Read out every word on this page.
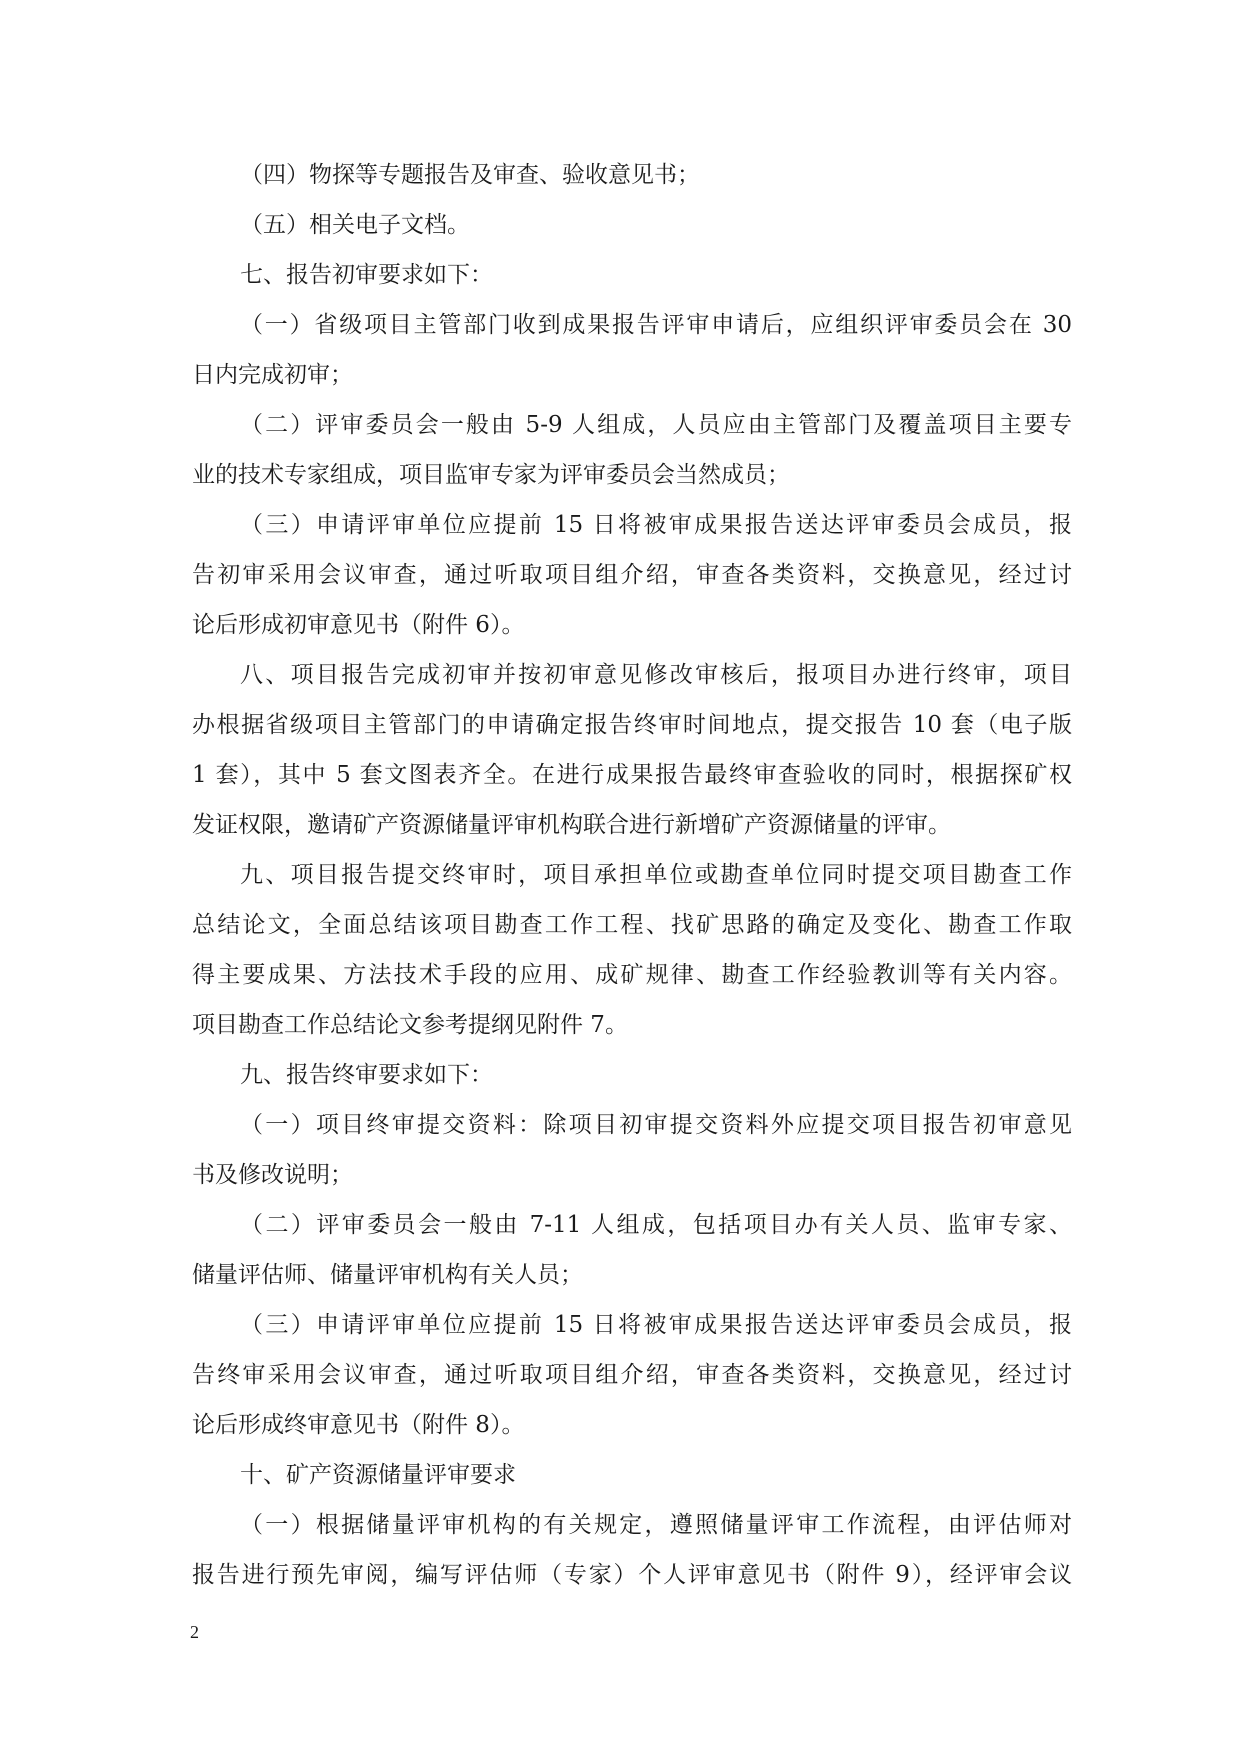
（四）物探等专题报告及审查、验收意见书；
（五）相关电子文档。
七、报告初审要求如下：
（一）省级项目主管部门收到成果报告评审申请后，应组织评审委员会在 30
日内完成初审；
（二）评审委员会一般由 5-9 人组成，人员应由主管部门及覆盖项目主要专
业的技术专家组成，项目监审专家为评审委员会当然成员；
（三）申请评审单位应提前 15 日将被审成果报告送达评审委员会成员，报
告初审采用会议审查，通过听取项目组介绍，审查各类资料，交换意见，经过讨
论后形成初审意见书（附件 6）。
八、项目报告完成初审并按初审意见修改审核后，报项目办进行终审，项目
办根据省级项目主管部门的申请确定报告终审时间地点，提交报告 10 套（电子版
1 套），其中 5 套文图表齐全。在进行成果报告最终审查验收的同时，根据探矿权
发证权限，邀请矿产资源储量评审机构联合进行新增矿产资源储量的评审。
九、项目报告提交终审时，项目承担单位或勘查单位同时提交项目勘查工作
总结论文，全面总结该项目勘查工作工程、找矿思路的确定及变化、勘查工作取
得主要成果、方法技术手段的应用、成矿规律、勘查工作经验教训等有关内容。
项目勘查工作总结论文参考提纲见附件 7。
九、报告终审要求如下：
（一）项目终审提交资料：除项目初审提交资料外应提交项目报告初审意见
书及修改说明；
（二）评审委员会一般由 7-11 人组成，包括项目办有关人员、监审专家、
储量评估师、储量评审机构有关人员；
（三）申请评审单位应提前 15 日将被审成果报告送达评审委员会成员，报
告终审采用会议审查，通过听取项目组介绍，审查各类资料，交换意见，经过讨
论后形成终审意见书（附件 8）。
十、矿产资源储量评审要求
（一）根据储量评审机构的有关规定，遵照储量评审工作流程，由评估师对
报告进行预先审阅，编写评估师（专家）个人评审意见书（附件 9），经评审会议
2
